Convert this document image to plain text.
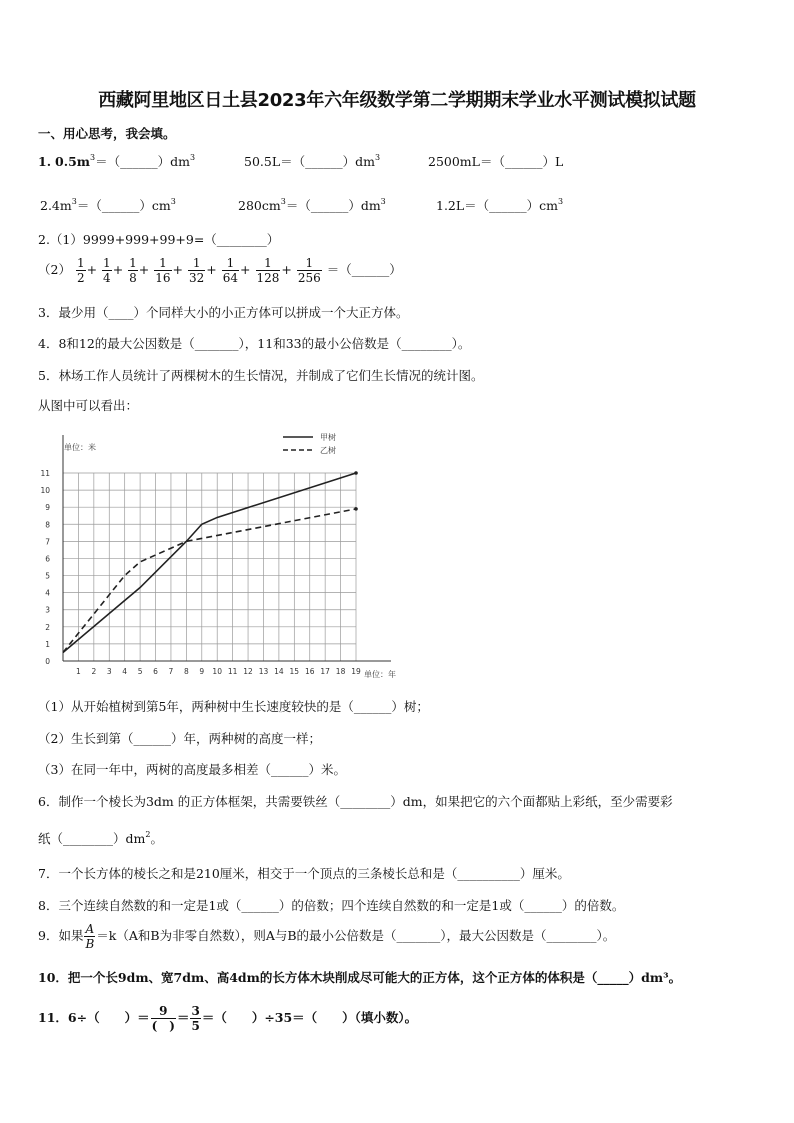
西藏阿里地区日土县2023年六年级数学第二学期期末学业水平测试模拟试题
一、用心思考，我会填。
1. $0.5m^3=(\_\_\_\_\_\_)dm^3$	$50.5L=(\_\_\_\_\_\_)dm^3$	2500mL＝（______）L
$2.4m^3=(\_\_\_\_\_\_)cm^3$	$280cm^3=(\_\_\_\_\_\_)dm^3$	$1.2L=(\_\_\_\_\_\_)cm^3$
2.（1）9999+999+99+9=（________）
$(2) \frac{1}{2} + \frac{1}{4} + \frac{1}{8} + \frac{1}{16} + \frac{1}{32} + \frac{1}{64} + \frac{1}{128} + \frac{1}{256}$ ＝（______）
3．最少用（____）个同样大小的小正方体可以拼成一个大正方体。
4．8和12的最大公因数是（_______），11和33的最小公倍数是（________）。
5．林场工作人员统计了两棵树木的生长情况，并制成了它们生长情况的统计图。
从图中可以看出：
单位：米
单位：年
1 2 3 4 5 6 7 8 9 10 11 12 13 14 15 16 17 18 19
0
1
2
3
4
5
6
7
8
9
10
11
甲树
乙树
（1）从开始植树到第5年，两种树中生长速度较快的是（______）树；
（2）生长到第（______）年，两种树的高度一样；
（3）在同一年中，两树的高度最多相差（______）米。
6．制作一个棱长为3dm 的正方体框架，共需要铁丝（________）dm，如果把它的六个面都贴上彩纸，至少需要彩
纸$(\_\_\_\_\_\_\_\_)dm^2$。
7．一个长方体的棱长之和是210厘米，相交于一个顶点的三条棱长总和是（__________）厘米。
8．三个连续自然数的和一定是1或（______）的倍数；四个连续自然数的和一定是1或（______）的倍数。
9．如果 $\frac{A}{B} =k(A$和B为非零自然数），则A与B的最小公倍数是（_______），最大公因数是（________）。
10．把一个长9dm、宽7dm、高4dm的长方体木块削成尽可能大的正方体，这个正方体的体积是（_____）dm³。
11．6÷（　　）＝ $\frac{9}{( )} = \frac{3}{5}$ ＝（　　）÷35＝（　　）（填小数）。
